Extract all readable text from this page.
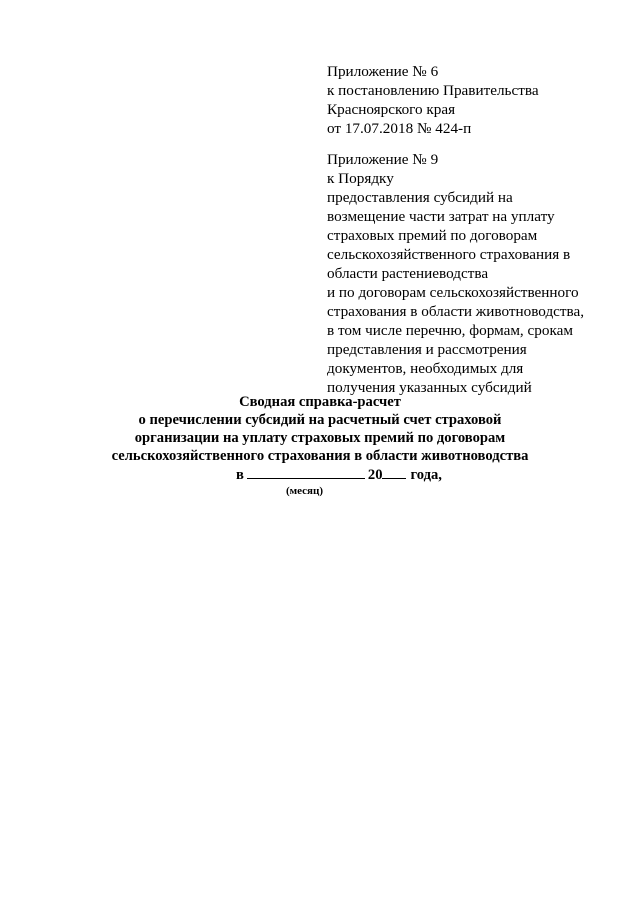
Приложение № 6
к постановлению Правительства
Красноярского края
от 17.07.2018 № 424-п
Приложение № 9
к Порядку
предоставления субсидий на
возмещение части затрат на уплату
страховых премий по договорам
сельскохозяйственного страхования в
области растениеводства
и по договорам сельскохозяйственного
страхования в области животноводства,
в том числе перечню, формам, срокам
представления и рассмотрения
документов, необходимых для
получения указанных субсидий
Сводная справка-расчет
о перечислении субсидий на расчетный счет страховой
организации на уплату страховых премий по договорам
сельскохозяйственного страхования в области животноводства
в	20 года,
(месяц)
